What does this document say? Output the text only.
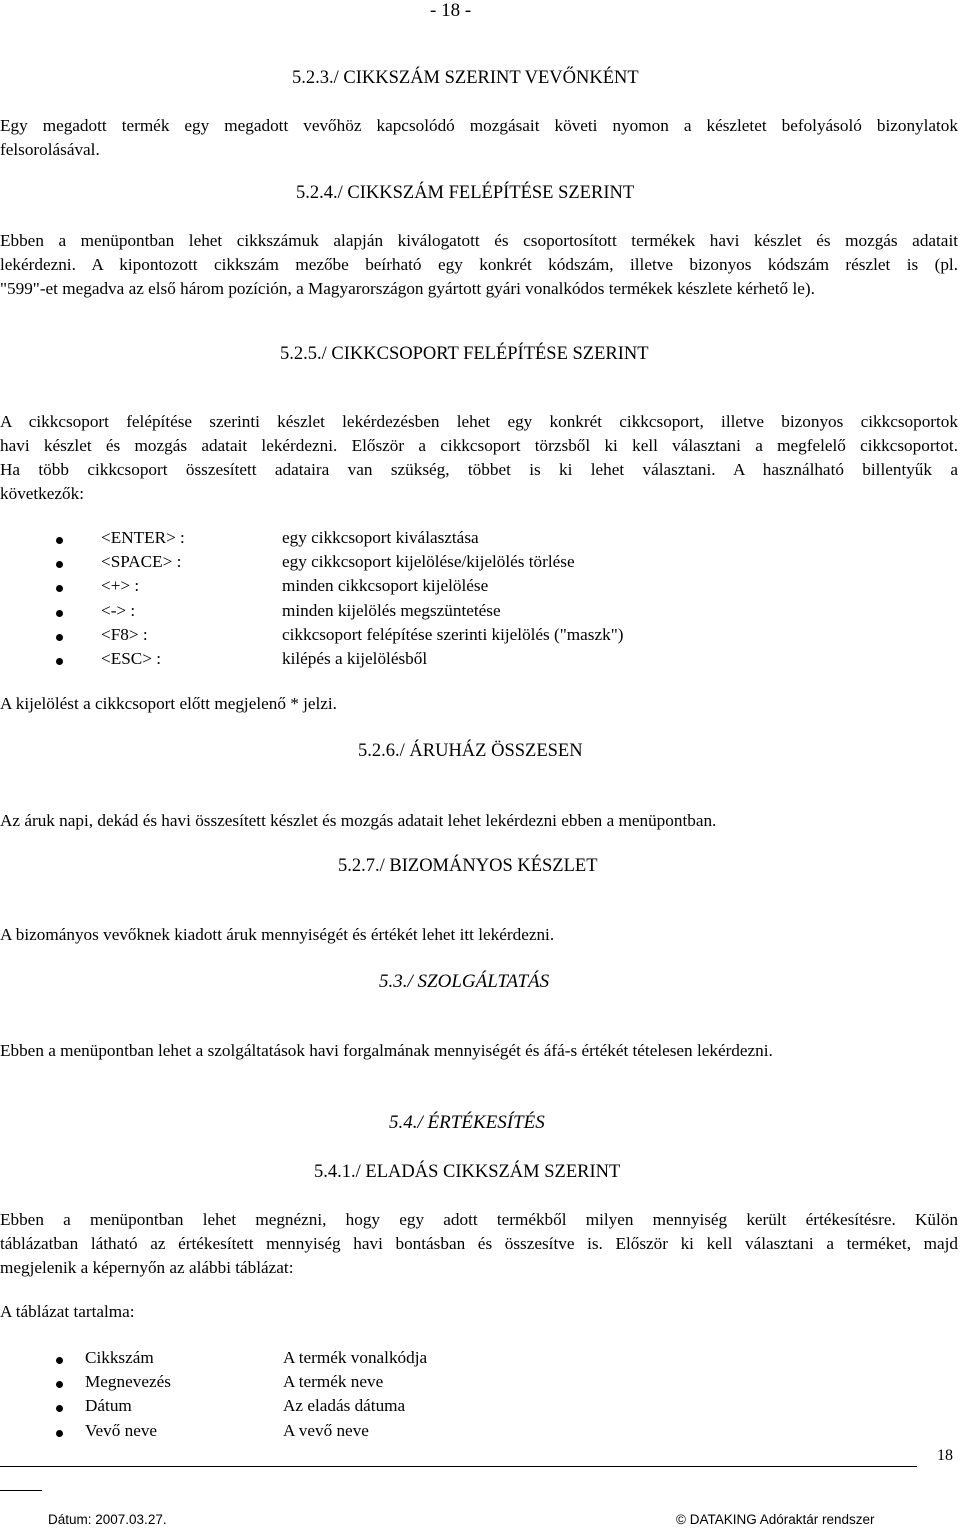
- 18 -
5.2.3./ CIKKSZÁM SZERINT VEVŐNKÉNT
Egy megadott termék egy megadott vevőhöz kapcsolódó mozgásait követi nyomon a készletet befolyásoló bizonylatok
felsorolásával.
5.2.4./ CIKKSZÁM FELÉPÍTÉSE SZERINT
Ebben a menüpontban lehet cikkszámuk alapján kiválogatott és csoportosított termékek havi készlet és mozgás adatait
lekérdezni. A kipontozott cikkszám mezőbe beírható egy konkrét kódszám, illetve bizonyos kódszám részlet is (pl.
"599"-et megadva az első három pozíción, a Magyarországon gyártott gyári vonalkódos termékek készlete kérhető le).
5.2.5./ CIKKCSOPORT FELÉPÍTÉSE SZERINT
A cikkcsoport felépítése szerinti készlet lekérdezésben lehet egy konkrét cikkcsoport, illetve bizonyos cikkcsoportok
havi készlet és mozgás adatait lekérdezni. Először a cikkcsoport törzsből ki kell választani a megfelelő cikkcsoportot.
Ha több cikkcsoport összesített adataira van szükség, többet is ki lehet választani. A használható billentyűk a
következők:
<ENTER> :	egy cikkcsoport kiválasztása
<SPACE> :	egy cikkcsoport kijelölése/kijelölés törlése
<+> :	minden cikkcsoport kijelölése
<-> :	minden kijelölés megszüntetése
<F8> :	cikkcsoport felépítése szerinti kijelölés ("maszk")
<ESC> :	kilépés a kijelölésből
A kijelölést a cikkcsoport előtt megjelenő * jelzi.
5.2.6./ ÁRUHÁZ ÖSSZESEN
Az áruk napi, dekád és havi összesített készlet és mozgás adatait lehet lekérdezni ebben a menüpontban.
5.2.7./ BIZOMÁNYOS KÉSZLET
A bizományos vevőknek kiadott áruk mennyiségét és értékét lehet itt lekérdezni.
5.3./ SZOLGÁLTATÁS
Ebben a menüpontban lehet a szolgáltatások havi forgalmának mennyiségét és áfá-s értékét tételesen lekérdezni.
5.4./ ÉRTÉKESÍTÉS
5.4.1./ ELADÁS CIKKSZÁM SZERINT
Ebben a menüpontban lehet megnézni, hogy egy adott termékből milyen mennyiség került értékesítésre. Külön
táblázatban látható az értékesített mennyiség havi bontásban és összesítve is. Először ki kell választani a terméket, majd
megjelenik a képernyőn az alábbi táblázat:
A táblázat tartalma:
Cikkszám	A termék vonalkódja
Megnevezés	A termék neve
Dátum	Az eladás dátuma
Vevő neve	A vevő neve
18
Dátum: 2007.03.27.	© DATAKING Adóraktár rendszer
